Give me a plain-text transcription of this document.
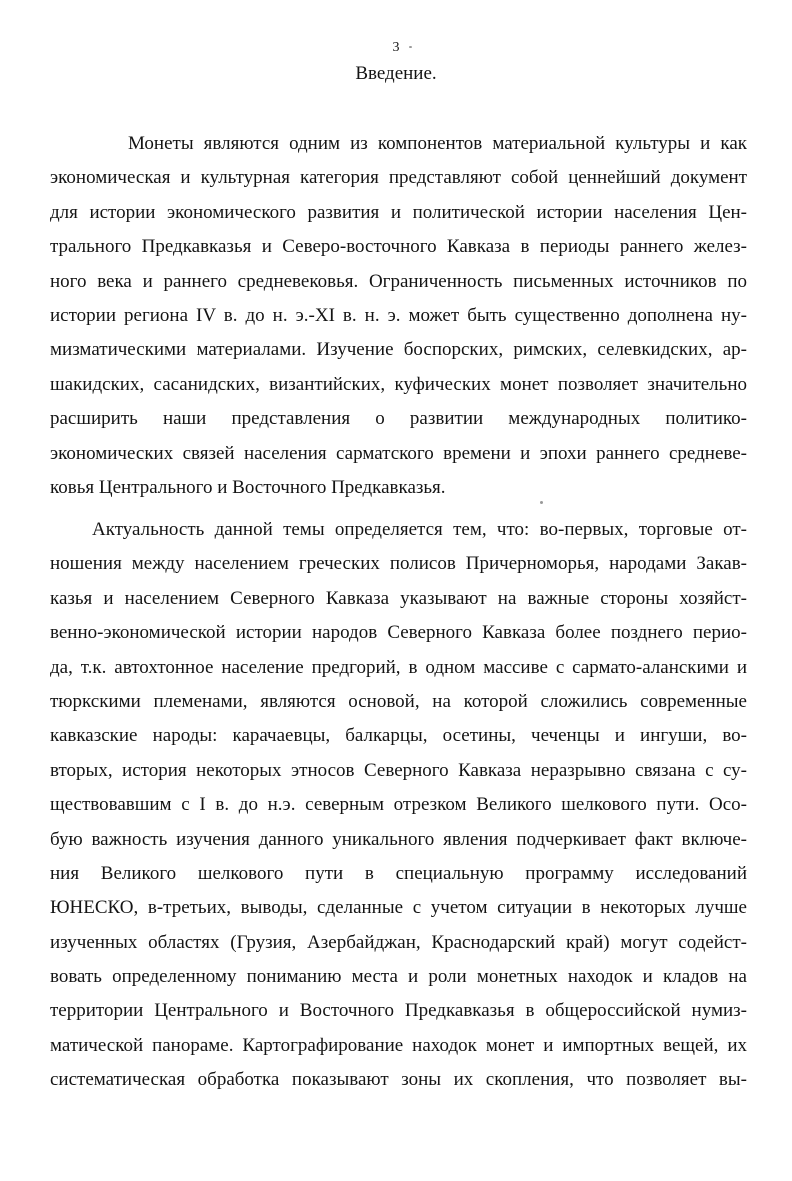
3
Введение.
Монеты являются одним из компонентов материальной культуры и как
экономическая и культурная категория представляют собой ценнейший документ
для истории экономического развития и политической истории населения Цен-
трального Предкавказья и Северо-восточного Кавказа в периоды раннего желез-
ного века и раннего средневековья. Ограниченность письменных источников по
истории региона IV в. до н. э.-XI в. н. э. может быть существенно дополнена ну-
мизматическими материалами. Изучение боспорских, римских, селевкидских, ар-
шакидских, сасанидских, византийских, куфических монет позволяет значительно
расширить наши представления о развитии международных политико-
экономических связей населения сарматского времени и эпохи раннего средневе-
ковья Центрального и Восточного Предкавказья.
Актуальность данной темы определяется тем, что: во-первых, торговые от-
ношения между населением греческих полисов Причерноморья, народами Закав-
казья и населением Северного Кавказа указывают на важные стороны хозяйст-
венно-экономической истории народов Северного Кавказа более позднего перио-
да, т.к. автохтонное население предгорий, в одном массиве с сармато-аланскими и
тюркскими племенами, являются основой, на которой сложились современные
кавказские народы: карачаевцы, балкарцы, осетины, чеченцы и ингуши, во-
вторых, история некоторых этносов Северного Кавказа неразрывно связана с су-
ществовавшим с I в. до н.э. северным отрезком Великого шелкового пути. Осо-
бую важность изучения данного уникального явления подчеркивает факт включе-
ния Великого шелкового пути в специальную программу исследований
ЮНЕСКО, в-третьих, выводы, сделанные с учетом ситуации в некоторых лучше
изученных областях (Грузия, Азербайджан, Краснодарский край) могут содейст-
вовать определенному пониманию места и роли монетных находок и кладов на
территории Центрального и Восточного Предкавказья в общероссийской нумиз-
матической панораме. Картографирование находок монет и импортных вещей, их
систематическая обработка показывают зоны их скопления, что позволяет вы-
